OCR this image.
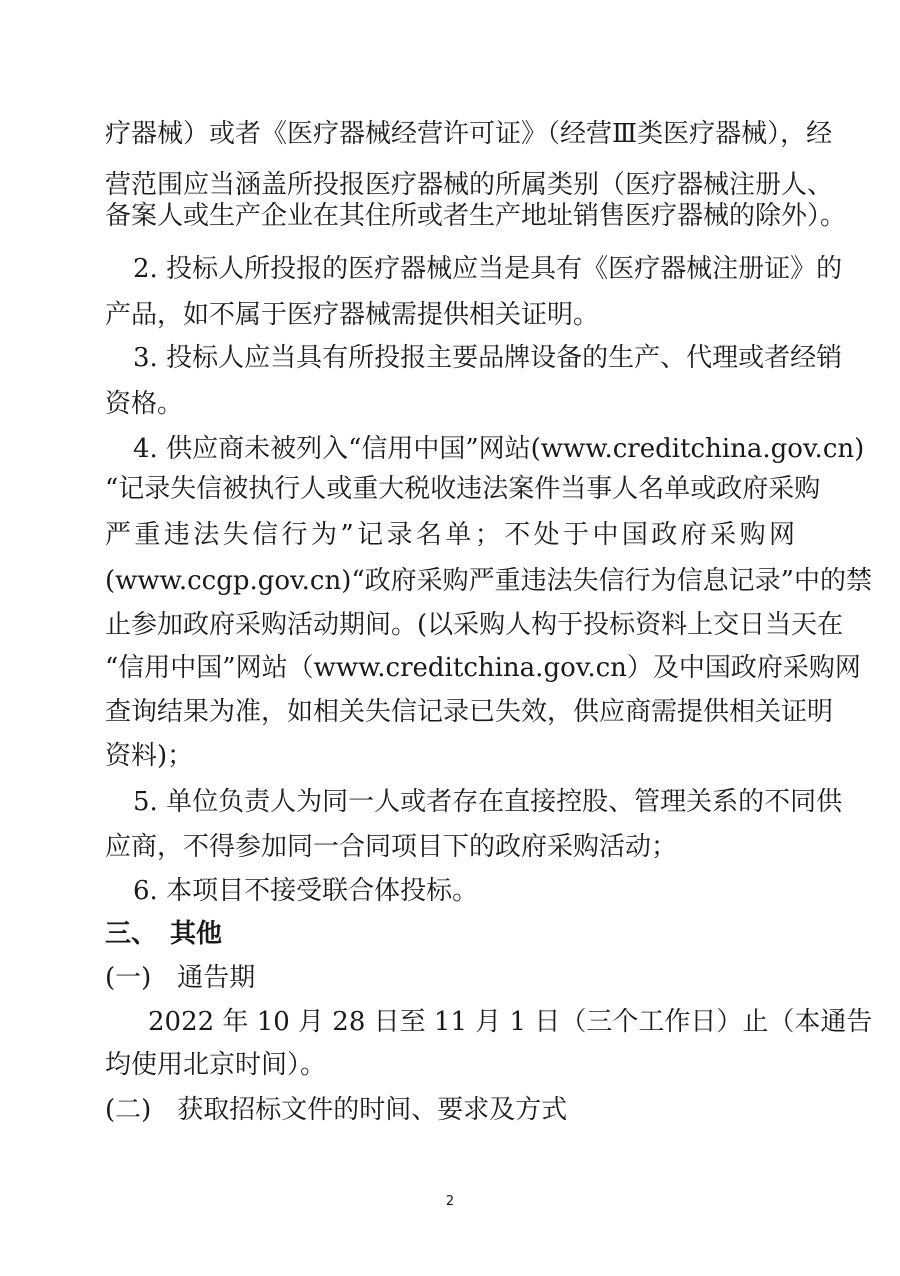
疗器械）或者《医疗器械经营许可证》（经营Ⅲ类医疗器械），经
营范围应当涵盖所投报医疗器械的所属类别（医疗器械注册人、
备案人或生产企业在其住所或者生产地址销售医疗器械的除外）。
2. 投标人所投报的医疗器械应当是具有《医疗器械注册证》的
产品，如不属于医疗器械需提供相关证明。
3. 投标人应当具有所投报主要品牌设备的生产、代理或者经销
资格。
4. 供应商未被列入“信用中国”网站(www.creditchina.gov.cn)
“记录失信被执行人或重大税收违法案件当事人名单或政府采购
严重违法失信行为”记录名单；不处于中国政府采购网
(www.ccgp.gov.cn)“政府采购严重违法失信行为信息记录”中的禁
止参加政府采购活动期间。(以采购人构于投标资料上交日当天在
“信用中国”网站（www.creditchina.gov.cn）及中国政府采购网
查询结果为准，如相关失信记录已失效，供应商需提供相关证明
资料)；
5. 单位负责人为同一人或者存在直接控股、管理关系的不同供
应商，不得参加同一合同项目下的政府采购活动；
6. 本项目不接受联合体投标。
三、　其他
(一)　通告期
2022 年 10 月 28 日至 11 月 1 日（三个工作日）止（本通告
均使用北京时间）。
(二)　获取招标文件的时间、要求及方式
2
